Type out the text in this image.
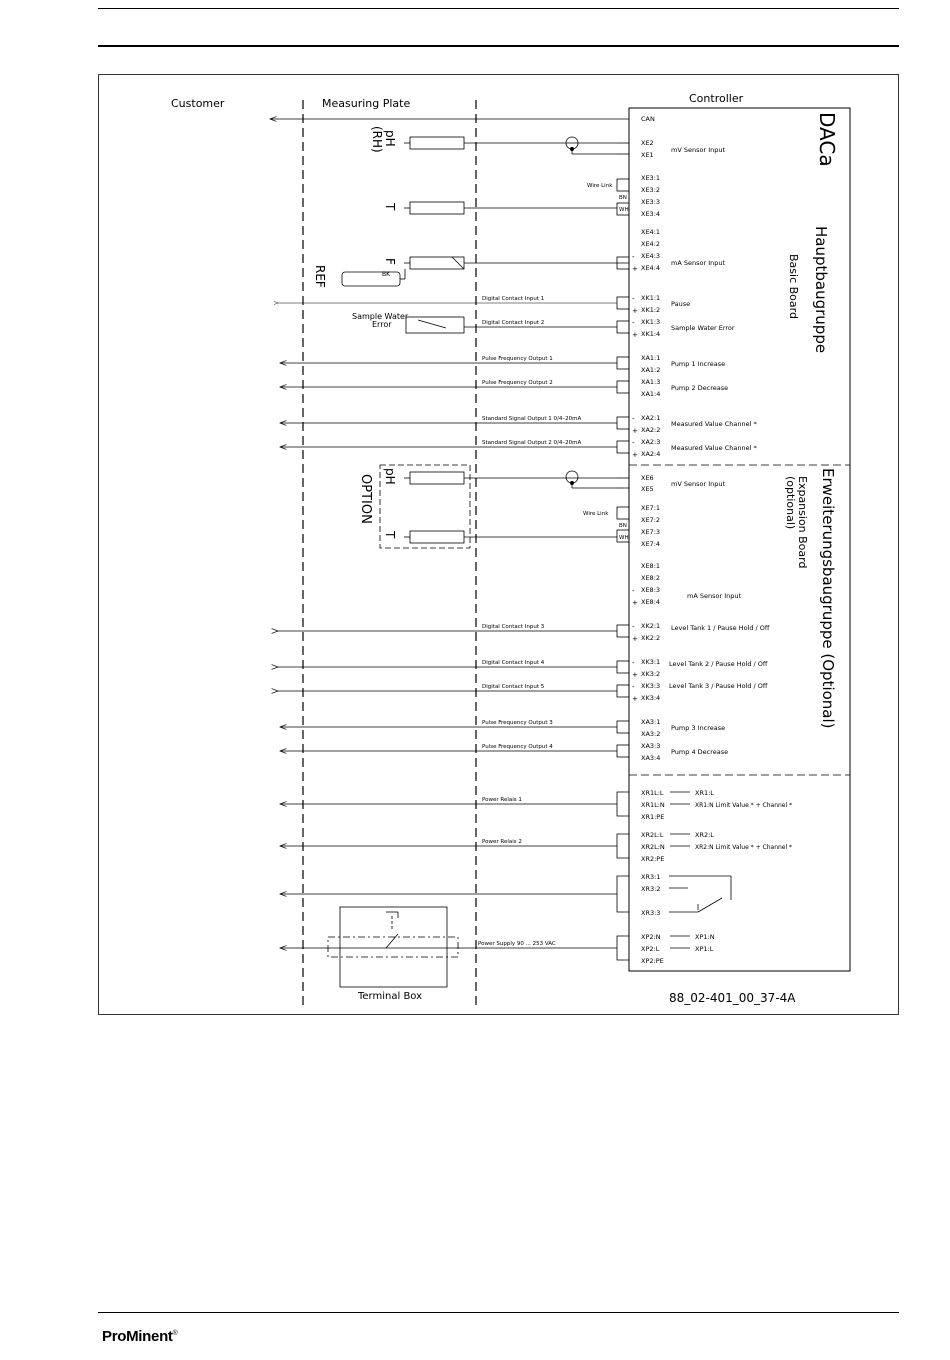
Customer	Measuring Plate	Controller
DACa
Hauptbaugruppe
Basic Board
Erweiterungsbaugruppe (Optional)
Expansion Board
(optional)
pH
(RH)
T
F
REF	BK
pH
OPTION
T
Sample Water
Error
Wire Link
BN
WH
Wire Link
BN
WH
Digital Contact Input 1
Digital Contact Input 2
Pulse Frequency Output 1
Pulse Frequency Output 2
Standard Signal Output 1 0/4–20mA
Standard Signal Output 2 0/4–20mA
Digital Contact Input 3
Digital Contact Input 4
Digital Contact Input 5
Pulse Frequency Output 3
Pulse Frequency Output 4
Power Relais 1
Power Relais 2
Power Supply 90 ... 253 VAC
CAN
XE2
XE1
XE3:1
XE3:2
XE3:3
XE3:4
XE4:1
XE4:2
XE4:3
XE4:4
XK1:1
XK1:2
XK1:3
XK1:4
XA1:1
XA1:2
XA1:3
XA1:4
XA2:1
XA2:2
XA2:3
XA2:4
XE6
XE5
XE7:1
XE7:2
XE7:3
XE7:4
XE8:1
XE8:2
XE8:3
XE8:4
XK2:1
XK2:2
XK3:1
XK3:2
XK3:3
XK3:4
XA3:1
XA3:2
XA3:3
XA3:4
XR1L:L
XR1L:N
XR1:PE
XR2L:L
XR2L:N
XR2:PE
XR3:1
XR3:2
XR3:3
XP2:N
XP2:L
XP2:PE
-
+
-
+
-
+
-
+
-
+
-
+
-
+
-
+
-
+
mV Sensor Input
mA Sensor Input
Pause
Sample Water Error
Pump 1 Increase
Pump 2 Decrease
Measured Value Channel *
Measured Value Channel *
mV Sensor Input
mA Sensor Input
Level Tank 1 / Pause Hold / Off
Level Tank 2 / Pause Hold / Off
Level Tank 3 / Pause Hold / Off
Pump 3 Increase
Pump 4 Decrease
XR1:L
XR1:N Limit Value * + Channel *
XR2:L
XR2:N Limit Value * + Channel *
XP1:N
XP1:L
Terminal Box	88_02-401_00_37-4A
ProMinent®
